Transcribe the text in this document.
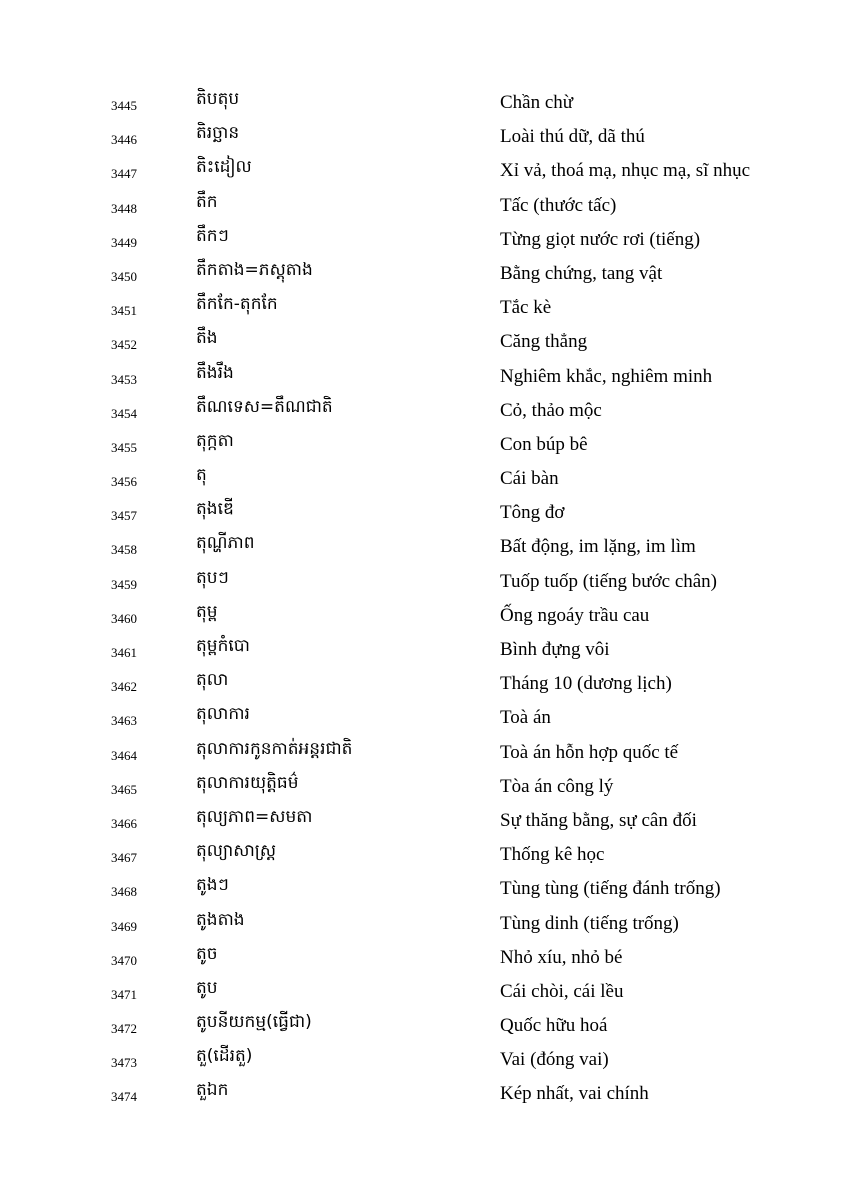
3445	តិបតុប	Chần chừ
3446	តិរច្ឆាន	Loài thú dữ, dã thú
3447	តិះដៀល	Xỉ vả, thoá mạ, nhục mạ, sĩ nhục
3448	តឹក	Tấc (thước tấc)
3449	តឹកៗ	Từng giọt nước rơi (tiếng)
3450	តឹកតាង=ភស្តុតាង	Bằng chứng, tang vật
3451	តឹកកែ-តុកកែ	Tắc kè
3452	តឹង	Căng thẳng
3453	តឹងរឹង	Nghiêm khắc, nghiêm minh
3454	តឹណទេស=តឹណជាតិ	Cỏ, thảo mộc
3455	តុក្កតា	Con búp bê
3456	តុ	Cái bàn
3457	តុងឌើ	Tông đơ
3458	តុណ្ហីភាព	Bất động, im lặng, im lìm
3459	តុបៗ	Tuốp tuốp (tiếng bước chân)
3460	តុម្ព	Ống ngoáy trầu cau
3461	តុម្ពកំបោ	Bình đựng vôi
3462	តុលា	Tháng 10 (dương lịch)
3463	តុលាការ	Toà án
3464	តុលាការកូនកាត់អន្តរជាតិ	Toà án hỗn hợp quốc tế
3465	តុលាការយុត្តិធម៌	Tòa án công lý
3466	តុល្យភាព=សមតា	Sự thăng bằng, sự cân đối
3467	តុល្យាសាស្ត្រ	Thống kê học
3468	តូងៗ	Tùng tùng (tiếng đánh trống)
3469	តូងតាង	Tùng dinh (tiếng trống)
3470	តូច	Nhỏ xíu, nhỏ bé
3471	តូប	Cái chòi, cái lều
3472	តូបនីយកម្ម(ធ្វើជា)	Quốc hữu hoá
3473	តួ(ដើរតួ)	Vai (đóng vai)
3474	តួឯក	Kép nhất, vai chính
